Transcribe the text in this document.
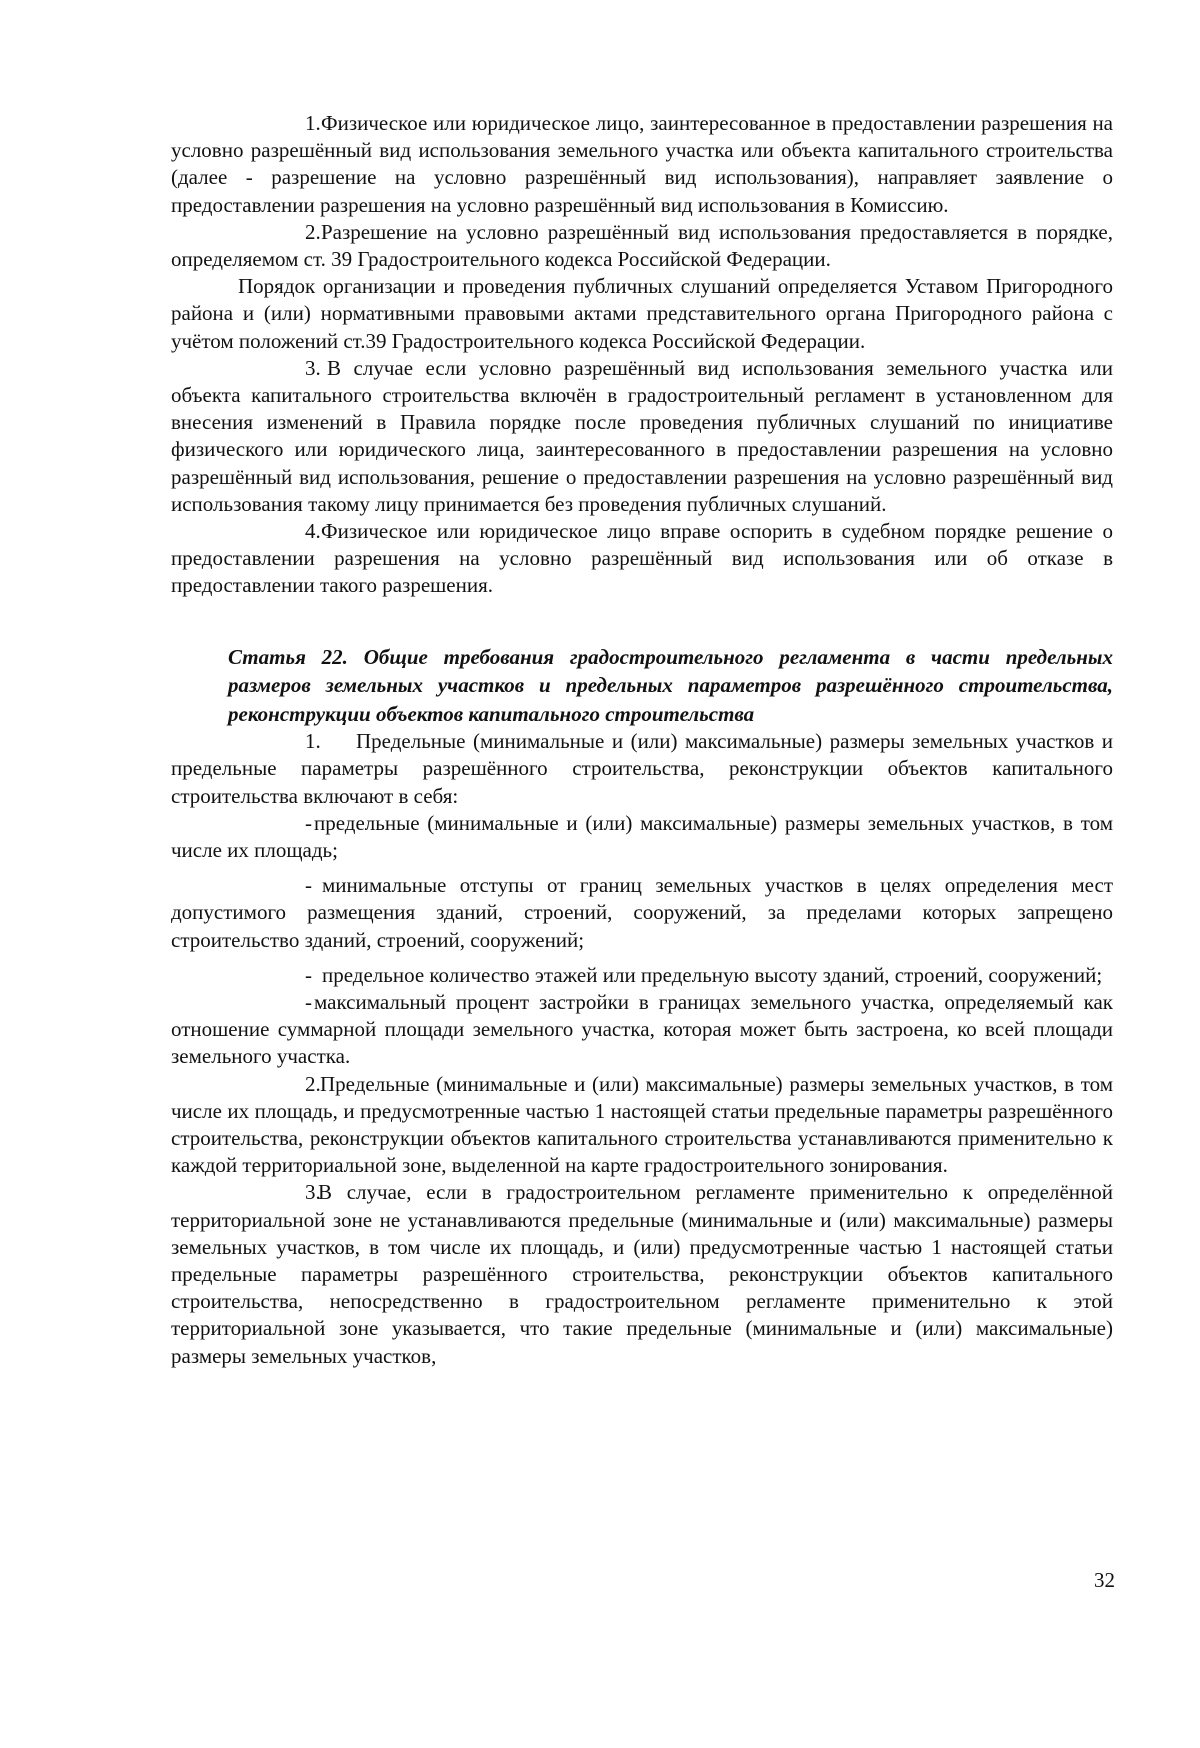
1.Физическое или юридическое лицо, заинтересованное в предоставлении разрешения на условно разрешённый вид использования земельного участка или объекта капитального строительства (далее - разрешение на условно разрешённый вид использования), направляет заявление о предоставлении разрешения на условно разрешённый вид использования в Комиссию.

2.Разрешение на условно разрешённый вид использования предоставляется в порядке, определяемом ст. 39 Градостроительного кодекса Российской Федерации.

Порядок организации и проведения публичных слушаний определяется Уставом Пригородного района и (или) нормативными правовыми актами представительного органа Пригородного района с учётом положений ст.39 Градостроительного кодекса Российской Федерации.

3. В случае если условно разрешённый вид использования земельного участка или объекта капитального строительства включён в градостроительный регламент в установленном для внесения изменений в Правила порядке после проведения публичных слушаний по инициативе физического или юридического лица, заинтересованного в предоставлении разрешения на условно разрешённый вид использования, решение о предоставлении разрешения на условно разрешённый вид использования такому лицу принимается без проведения публичных слушаний.

4.Физическое или юридическое лицо вправе оспорить в судебном порядке решение о предоставлении разрешения на условно разрешённый вид использования или об отказе в предоставлении такого разрешения.

Статья 22. Общие требования градостроительного регламента в части предельных размеров земельных участков и предельных параметров разрешённого строительства, реконструкции объектов капитального строительства

1. Предельные (минимальные и (или) максимальные) размеры земельных участков и предельные параметры разрешённого строительства, реконструкции объектов капитального строительства включают в себя:

-предельные (минимальные и (или) максимальные) размеры земельных участков, в том числе их площадь;

- минимальные отступы от границ земельных участков в целях определения мест допустимого размещения зданий, строений, сооружений, за пределами которых запрещено строительство зданий, строений, сооружений;

- предельное количество этажей или предельную высоту зданий, строений, сооружений;

-максимальный процент застройки в границах земельного участка, определяемый как отношение суммарной площади земельного участка, которая может быть застроена, ко всей площади земельного участка.

2.Предельные (минимальные и (или) максимальные) размеры земельных участков, в том числе их площадь, и предусмотренные частью 1 настоящей статьи предельные параметры разрешённого строительства, реконструкции объектов капитального строительства устанавливаются применительно к каждой территориальной зоне, выделенной на карте градостроительного зонирования.

3.В случае, если в градостроительном регламенте применительно к определённой территориальной зоне не устанавливаются предельные (минимальные и (или) максимальные) размеры земельных участков, в том числе их площадь, и (или) предусмотренные частью 1 настоящей статьи предельные параметры разрешённого строительства, реконструкции объектов капитального строительства, непосредственно в градостроительном регламенте применительно к этой территориальной зоне указывается, что такие предельные (минимальные и (или) максимальные) размеры земельных участков,

32
